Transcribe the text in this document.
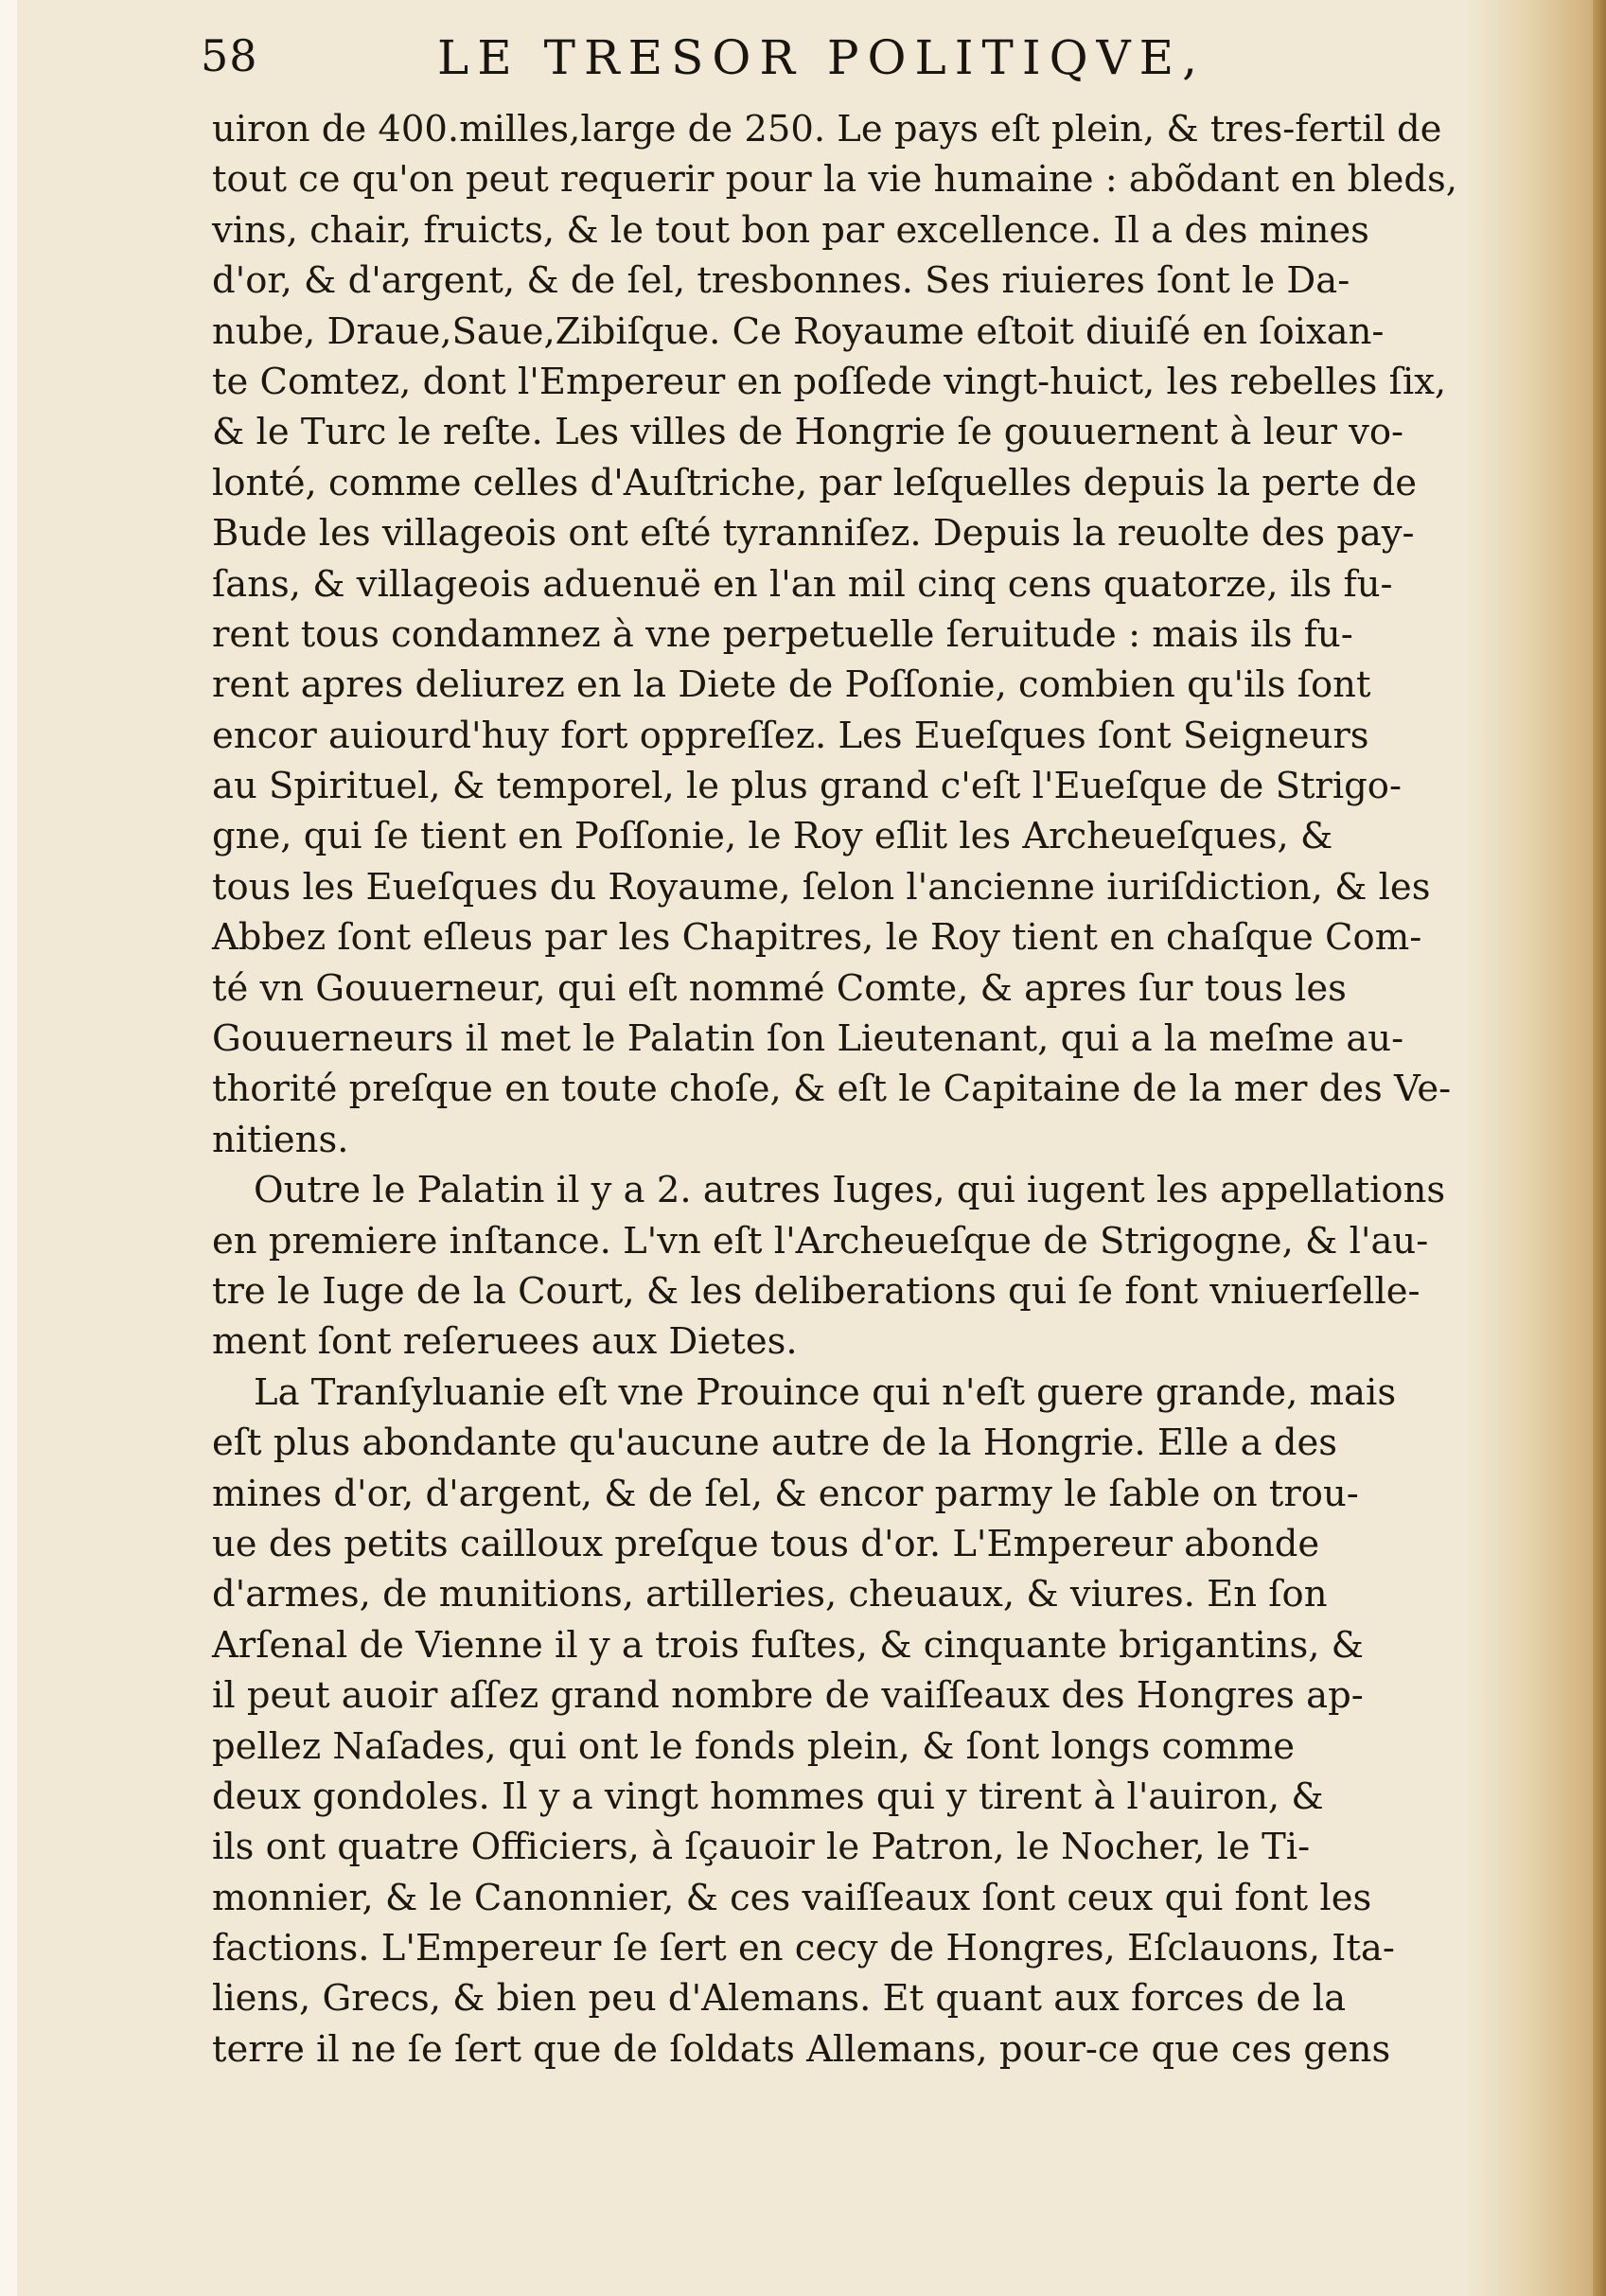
58	LE TRESOR POLITIQVE,
uiron de 400.milles,large de 250. Le pays eſt plein, & tres-fertil de
tout ce qu'on peut requerir pour la vie humaine : abõdant en bleds,
vins, chair, fruicts, & le tout bon par excellence. Il a des mines
d'or, & d'argent, & de ſel, tresbonnes. Ses riuieres ſont le Da-
nube, Draue,Saue,Zibiſque. Ce Royaume eſtoit diuiſé en ſoixan-
te Comtez, dont l'Empereur en poſſede vingt-huict, les rebelles ſix,
& le Turc le reſte. Les villes de Hongrie ſe gouuernent à leur vo-
lonté, comme celles d'Auſtriche, par leſquelles depuis la perte de
Bude les villageois ont eſté tyranniſez. Depuis la reuolte des pay-
ſans, & villageois aduenuë en l'an mil cinq cens quatorze, ils fu-
rent tous condamnez à vne perpetuelle ſeruitude : mais ils fu-
rent apres deliurez en la Diete de Poſſonie, combien qu'ils ſont
encor auiourd'huy fort oppreſſez. Les Eueſques ſont Seigneurs
au Spirituel, & temporel, le plus grand c'eſt l'Eueſque de Strigo-
gne, qui ſe tient en Poſſonie, le Roy eſlit les Archeueſques, &
tous les Eueſques du Royaume, ſelon l'ancienne iuriſdiction, & les
Abbez ſont eſleus par les Chapitres, le Roy tient en chaſque Com-
té vn Gouuerneur, qui eſt nommé Comte, & apres ſur tous les
Gouuerneurs il met le Palatin ſon Lieutenant, qui a la meſme au-
thorité preſque en toute choſe, & eſt le Capitaine de la mer des Ve-
nitiens.
Outre le Palatin il y a 2. autres Iuges, qui iugent les appellations
en premiere inſtance. L'vn eſt l'Archeueſque de Strigogne, & l'au-
tre le Iuge de la Court, & les deliberations qui ſe font vniuerſelle-
ment ſont reſeruees aux Dietes.
La Tranſyluanie eſt vne Prouince qui n'eſt guere grande, mais
eſt plus abondante qu'aucune autre de la Hongrie. Elle a des
mines d'or, d'argent, & de ſel, & encor parmy le ſable on trou-
ue des petits cailloux preſque tous d'or. L'Empereur abonde
d'armes, de munitions, artilleries, cheuaux, & viures. En ſon
Arſenal de Vienne il y a trois fuſtes, & cinquante brigantins, &
il peut auoir aſſez grand nombre de vaiſſeaux des Hongres ap-
pellez Naſades, qui ont le fonds plein, & ſont longs comme
deux gondoles. Il y a vingt hommes qui y tirent à l'auiron, &
ils ont quatre Officiers, à ſçauoir le Patron, le Nocher, le Ti-
monnier, & le Canonnier, & ces vaiſſeaux ſont ceux qui font les
factions. L'Empereur ſe ſert en cecy de Hongres, Eſclauons, Ita-
liens, Grecs, & bien peu d'Alemans. Et quant aux forces de la
terre il ne ſe ſert que de ſoldats Allemans, pour-ce que ces gens
